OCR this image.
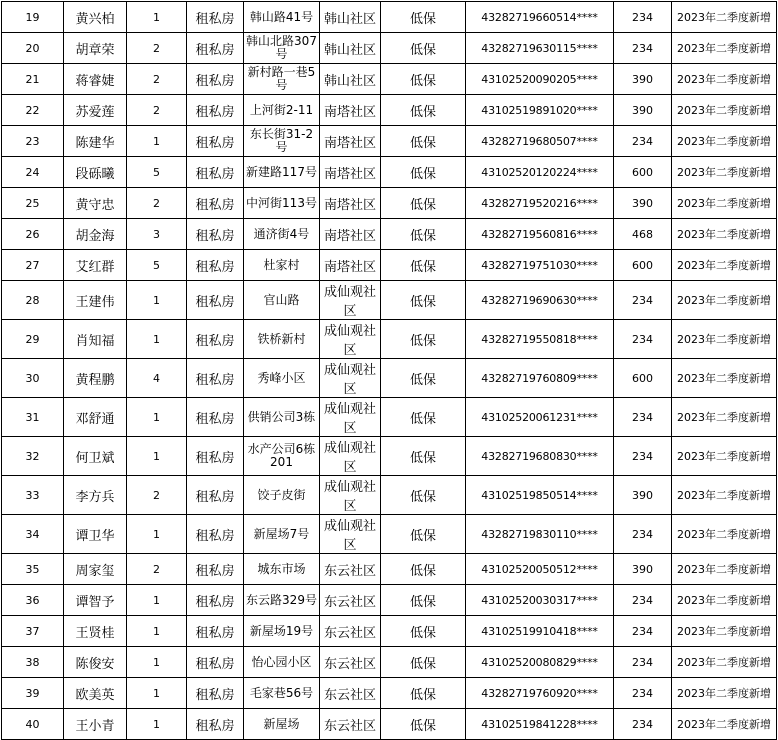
19	黄兴柏	1	租私房	韩山路41号	韩山社区	低保	43282719660514****	234	2023年二季度新增
20	胡章荣	2	租私房	韩山北路307号	韩山社区	低保	43282719630115****	234	2023年二季度新增
21	蒋睿婕	2	租私房	新村路一巷5号	韩山社区	低保	43102520090205****	390	2023年二季度新增
22	苏爱莲	2	租私房	上河街2-11	南塔社区	低保	43102519891020****	390	2023年二季度新增
23	陈建华	1	租私房	东长街31-2号	南塔社区	低保	43282719680507****	234	2023年二季度新增
24	段砾曦	5	租私房	新建路117号	南塔社区	低保	43102520120224****	600	2023年二季度新增
25	黄守忠	2	租私房	中河街113号	南塔社区	低保	43282719520216****	390	2023年二季度新增
26	胡金海	3	租私房	通济街4号	南塔社区	低保	43282719560816****	468	2023年二季度新增
27	艾红群	5	租私房	杜家村	南塔社区	低保	43282719751030****	600	2023年二季度新增
28	王建伟	1	租私房	官山路	成仙观社区	低保	43282719690630****	234	2023年二季度新增
29	肖知福	1	租私房	铁桥新村	成仙观社区	低保	43282719550818****	234	2023年二季度新增
30	黄程鹏	4	租私房	秀峰小区	成仙观社区	低保	43282719760809****	600	2023年二季度新增
31	邓舒通	1	租私房	供销公司3栋	成仙观社区	低保	43102520061231****	234	2023年二季度新增
32	何卫斌	1	租私房	水产公司6栋201	成仙观社区	低保	43282719680830****	234	2023年二季度新增
33	李方兵	2	租私房	饺子皮街	成仙观社区	低保	43102519850514****	390	2023年二季度新增
34	谭卫华	1	租私房	新屋场7号	成仙观社区	低保	43282719830110****	234	2023年二季度新增
35	周家玺	2	租私房	城东市场	东云社区	低保	43102520050512****	390	2023年二季度新增
36	谭智予	1	租私房	东云路329号	东云社区	低保	43102520030317****	234	2023年二季度新增
37	王贤桂	1	租私房	新屋场19号	东云社区	低保	43102519910418****	234	2023年二季度新增
38	陈俊安	1	租私房	怡心园小区	东云社区	低保	43102520080829****	234	2023年二季度新增
39	欧美英	1	租私房	毛家巷56号	东云社区	低保	43282719760920****	234	2023年二季度新增
40	王小青	1	租私房	新屋场	东云社区	低保	43102519841228****	234	2023年二季度新增
